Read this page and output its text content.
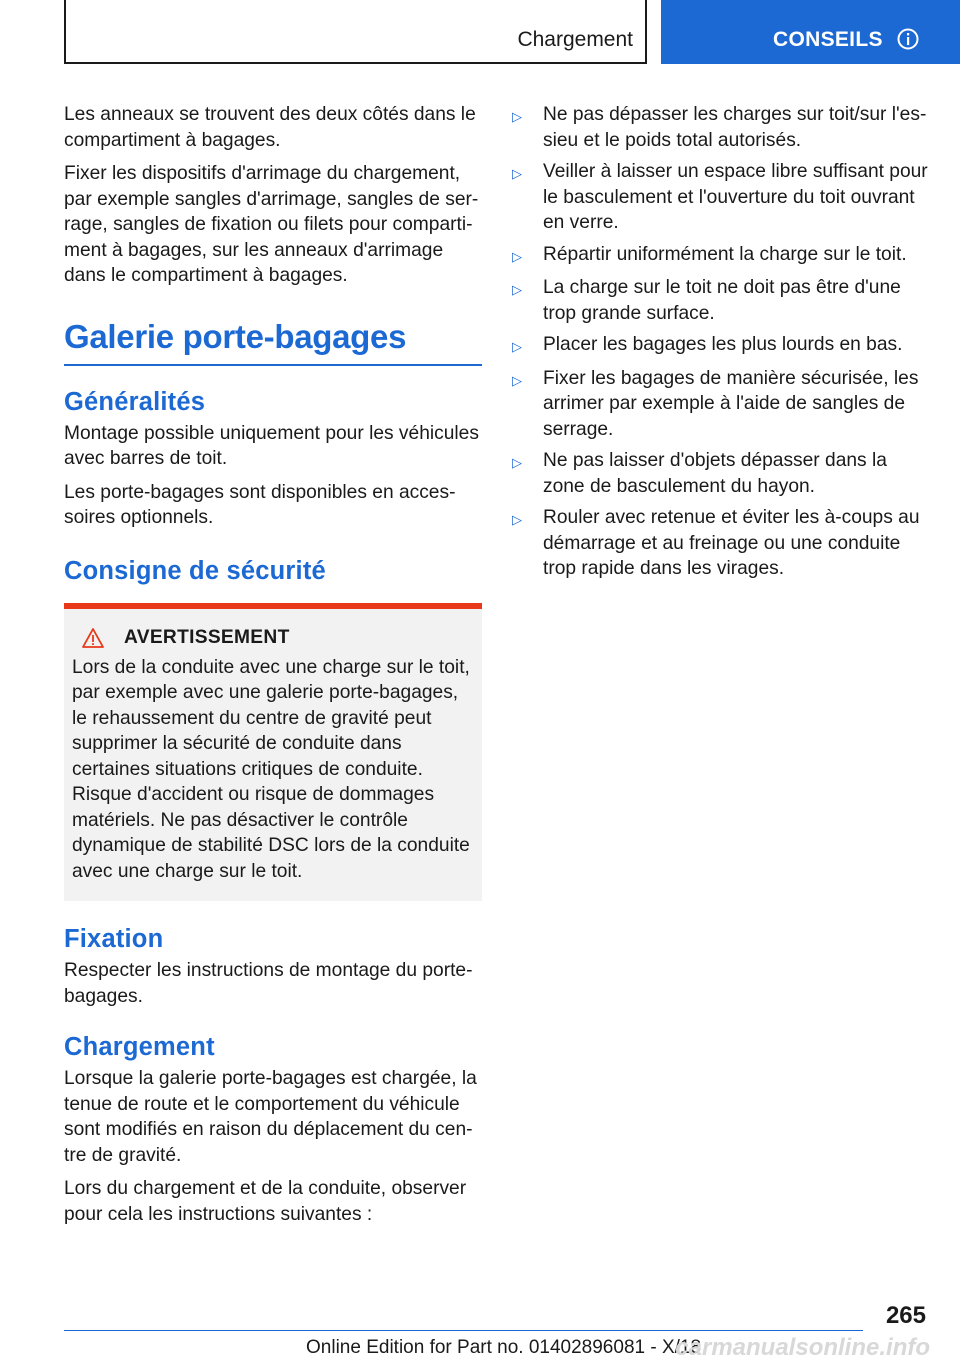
Chargement	CONSEILS

Les anneaux se trouvent des deux côtés dans le compartiment à bagages.

Fixer les dispositifs d'arrimage du chargement, par exemple sangles d'arrimage, sangles de serrage, sangles de fixation ou filets pour compartiment à bagages, sur les anneaux d'arrimage dans le compartiment à bagages.

Galerie porte-bagages
Généralités

Montage possible uniquement pour les véhicules avec barres de toit.

Les porte-bagages sont disponibles en accessoires optionnels.

Consigne de sécurité
AVERTISSEMENT

Lors de la conduite avec une charge sur le toit, par exemple avec une galerie porte-bagages, le rehaussement du centre de gravité peut supprimer la sécurité de conduite dans certaines situations critiques de conduite. Risque d'accident ou risque de dommages matériels. Ne pas désactiver le contrôle dynamique de stabilité DSC lors de la conduite avec une charge sur le toit.

Fixation

Respecter les instructions de montage du porte-bagages.

Chargement

Lorsque la galerie porte-bagages est chargée, la tenue de route et le comportement du véhicule sont modifiés en raison du déplacement du centre de gravité.

Lors du chargement et de la conduite, observer pour cela les instructions suivantes :

▷	Ne pas dépasser les charges sur toit/sur l'essieu et le poids total autorisés.
▷	Veiller à laisser un espace libre suffisant pour le basculement et l'ouverture du toit ouvrant en verre.
▷	Répartir uniformément la charge sur le toit.
▷	La charge sur le toit ne doit pas être d'une trop grande surface.
▷	Placer les bagages les plus lourds en bas.
▷	Fixer les bagages de manière sécurisée, les arrimer par exemple à l'aide de sangles de serrage.
▷	Ne pas laisser d'objets dépasser dans la zone de basculement du hayon.
▷	Rouler avec retenue et éviter les à-coups au démarrage et au freinage ou une conduite trop rapide dans les virages.
265
Online Edition for Part no. 01402896081 - X/18
carmanualsonline.info
